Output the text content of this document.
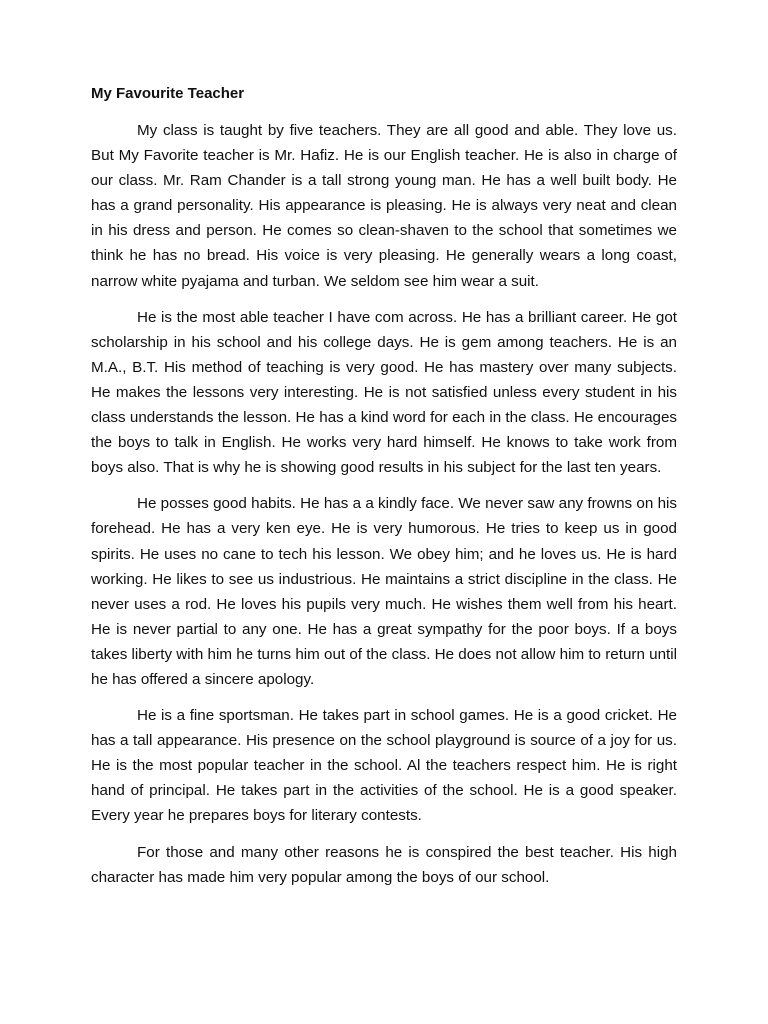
My Favourite Teacher

My class is taught by five teachers. They are all good and able. They love us. But My Favorite teacher is Mr. Hafiz. He is our English teacher. He is also in charge of our class. Mr. Ram Chander is a tall strong young man. He has a well built body. He has a grand personality. His appearance is pleasing. He is always very neat and clean in his dress and person. He comes so clean-shaven to the school that sometimes we think he has no bread. His voice is very pleasing. He generally wears a long coast, narrow white pyajama and turban. We seldom see him wear a suit.

He is the most able teacher I have com across. He has a brilliant career. He got scholarship in his school and his college days. He is gem among teachers. He is an M.A., B.T. His method of teaching is very good. He has mastery over many subjects. He makes the lessons very interesting. He is not satisfied unless every student in his class understands the lesson. He has a kind word for each in the class. He encourages the boys to talk in English. He works very hard himself. He knows to take work from boys also. That is why he is showing good results in his subject for the last ten years.

He posses good habits. He has a a kindly face. We never saw any frowns on his forehead. He has a very ken eye. He is very humorous. He tries to keep us in good spirits. He uses no cane to tech his lesson. We obey him; and he loves us. He is hard working. He likes to see us industrious. He maintains a strict discipline in the class. He never uses a rod. He loves his pupils very much. He wishes them well from his heart. He is never partial to any one. He has a great sympathy for the poor boys. If a boys takes liberty with him he turns him out of the class. He does not allow him to return until he has offered a sincere apology.

He is a fine sportsman. He takes part in school games. He is a good cricket. He has a tall appearance. His presence on the school playground is source of a joy for us. He is the most popular teacher in the school. Al the teachers respect him. He is right hand of principal. He takes part in the activities of the school. He is a good speaker. Every year he prepares boys for literary contests.

For those and many other reasons he is conspired the best teacher. His high character has made him very popular among the boys of our school.
